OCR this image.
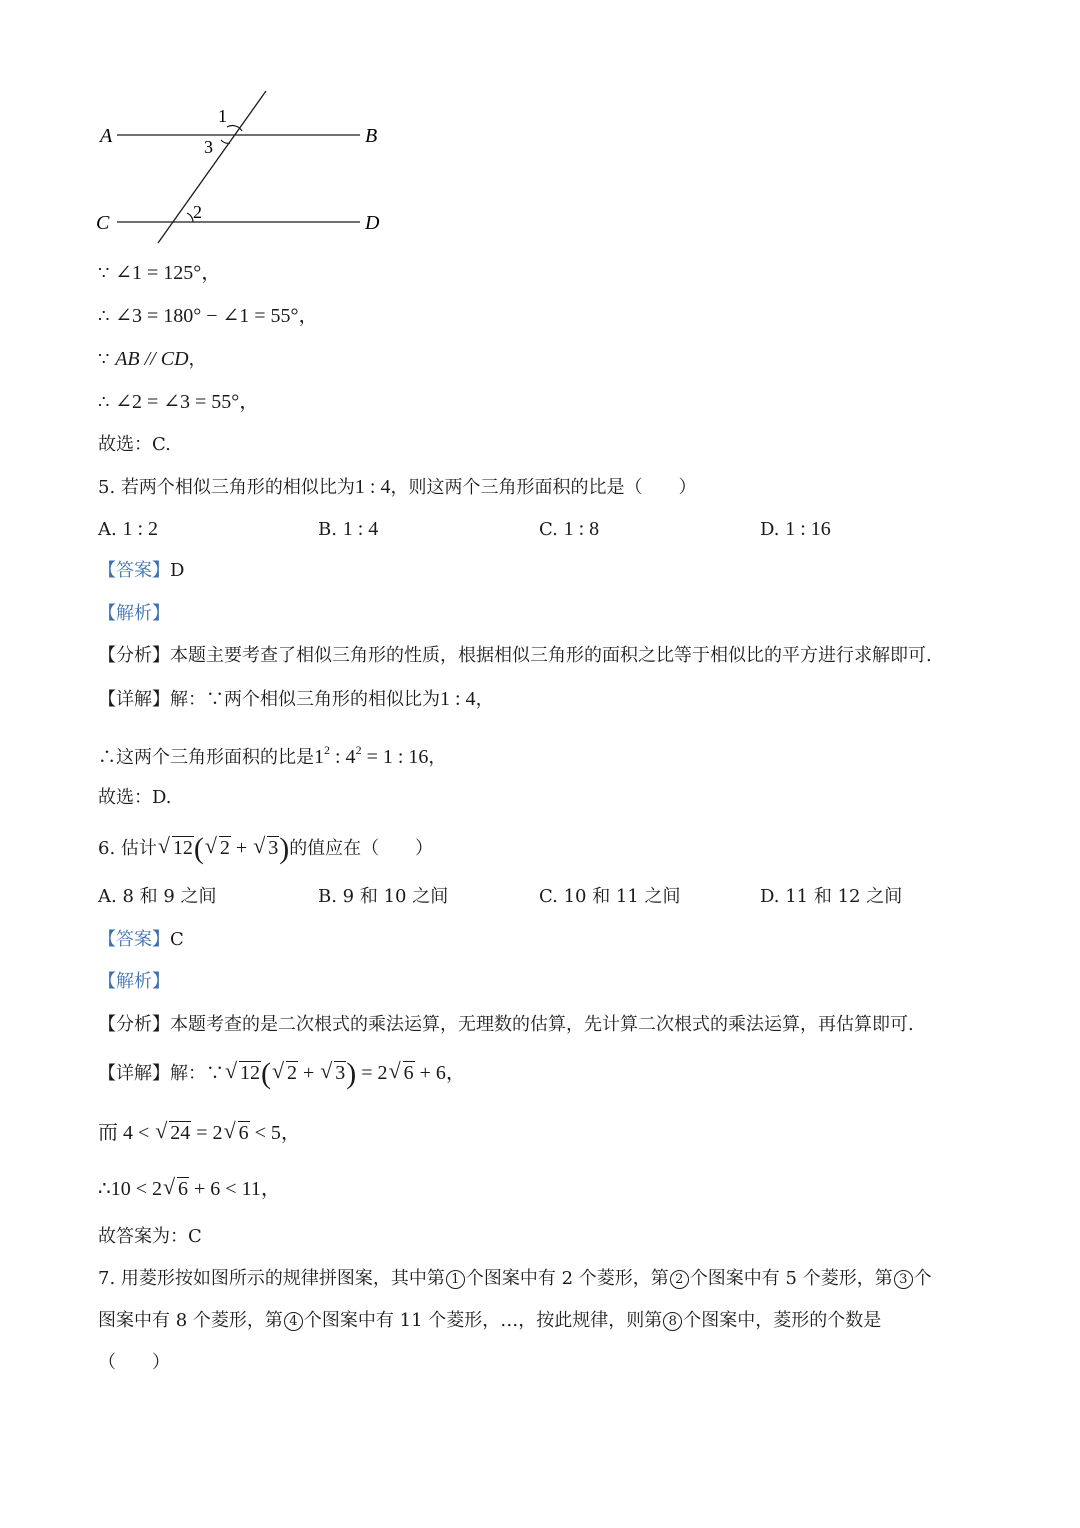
A	B
C	D
1
3
2
∵ ∠1 = 125°，
∴ ∠3 = 180° − ∠1 = 55°，
∵ AB // CD，
∴ ∠2 = ∠3 = 55°，
故选：C.
5. 若两个相似三角形的相似比为1 : 4，则这两个三角形面积的比是（　　）
A. 1 : 2	B. 1 : 4	C. 1 : 8	D. 1 : 16
【答案】D
【解析】
【分析】本题主要考查了相似三角形的性质，根据相似三角形的面积之比等于相似比的平方进行求解即可.
【详解】解：∵两个相似三角形的相似比为1 : 4，
∴这两个三角形面积的比是$1^2$ : $4^2 = 1$ : 16，
故选：D.
6. 估计 √ 12( √ 2 + √ 3)的值应在（　　）
A. 8 和 9 之间	B. 9 和 10 之间	C. 10 和 11 之间	D. 11 和 12 之间
【答案】C
【解析】
【分析】本题考查的是二次根式的乘法运算，无理数的估算，先计算二次根式的乘法运算，再估算即可.
【详解】解：∵ √ 12( √ 2 + √ 3) = 2 √ 6 + 6，
而 4 < √ 24 = 2 √ 6 < 5，
∴10 < 2 √ 6 + 6 < 11，
故答案为：C
7. 用菱形按如图所示的规律拼图案，其中第 1 个图案中有 2 个菱形，第 2 个图案中有 5 个菱形，第 3 个
图案中有 8 个菱形，第 4 个图案中有 11 个菱形，…，按此规律，则第 8 个图案中，菱形的个数是
（　　）
